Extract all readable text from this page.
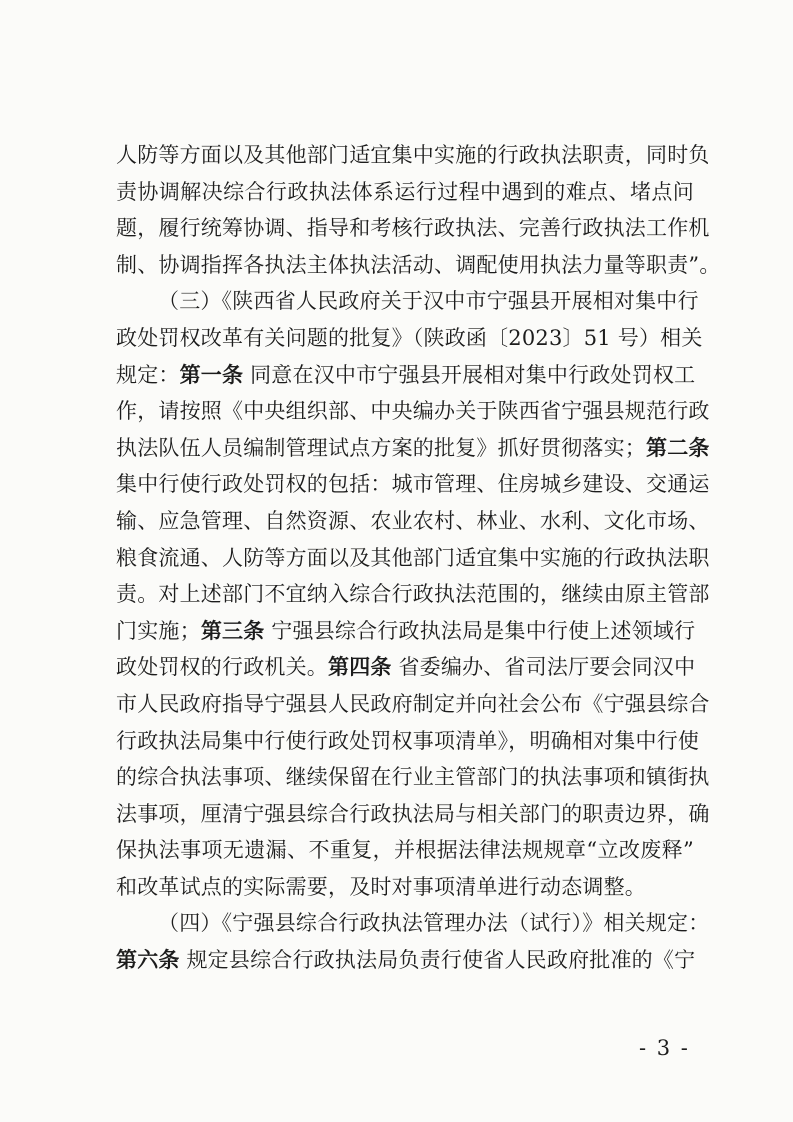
人防等方面以及其他部门适宜集中实施的行政执法职责，同时负
责协调解决综合行政执法体系运行过程中遇到的难点、堵点问
题，履行统筹协调、指导和考核行政执法、完善行政执法工作机
制、协调指挥各执法主体执法活动、调配使用执法力量等职责”。
（三）《陕西省人民政府关于汉中市宁强县开展相对集中行
政处罚权改革有关问题的批复》（陕政函〔2023〕51 号）相关
规定：第一条 同意在汉中市宁强县开展相对集中行政处罚权工
作，请按照《中央组织部、中央编办关于陕西省宁强县规范行政
执法队伍人员编制管理试点方案的批复》抓好贯彻落实；第二条
集中行使行政处罚权的包括：城市管理、住房城乡建设、交通运
输、应急管理、自然资源、农业农村、林业、水利、文化市场、
粮食流通、人防等方面以及其他部门适宜集中实施的行政执法职
责。对上述部门不宜纳入综合行政执法范围的，继续由原主管部
门实施；第三条 宁强县综合行政执法局是集中行使上述领域行
政处罚权的行政机关。第四条 省委编办、省司法厅要会同汉中
市人民政府指导宁强县人民政府制定并向社会公布《宁强县综合
行政执法局集中行使行政处罚权事项清单》，明确相对集中行使
的综合执法事项、继续保留在行业主管部门的执法事项和镇街执
法事项，厘清宁强县综合行政执法局与相关部门的职责边界，确
保执法事项无遗漏、不重复，并根据法律法规规章“立改废释”
和改革试点的实际需要，及时对事项清单进行动态调整。
（四）《宁强县综合行政执法管理办法（试行）》相关规定：
第六条 规定县综合行政执法局负责行使省人民政府批准的《宁
- 3 -
